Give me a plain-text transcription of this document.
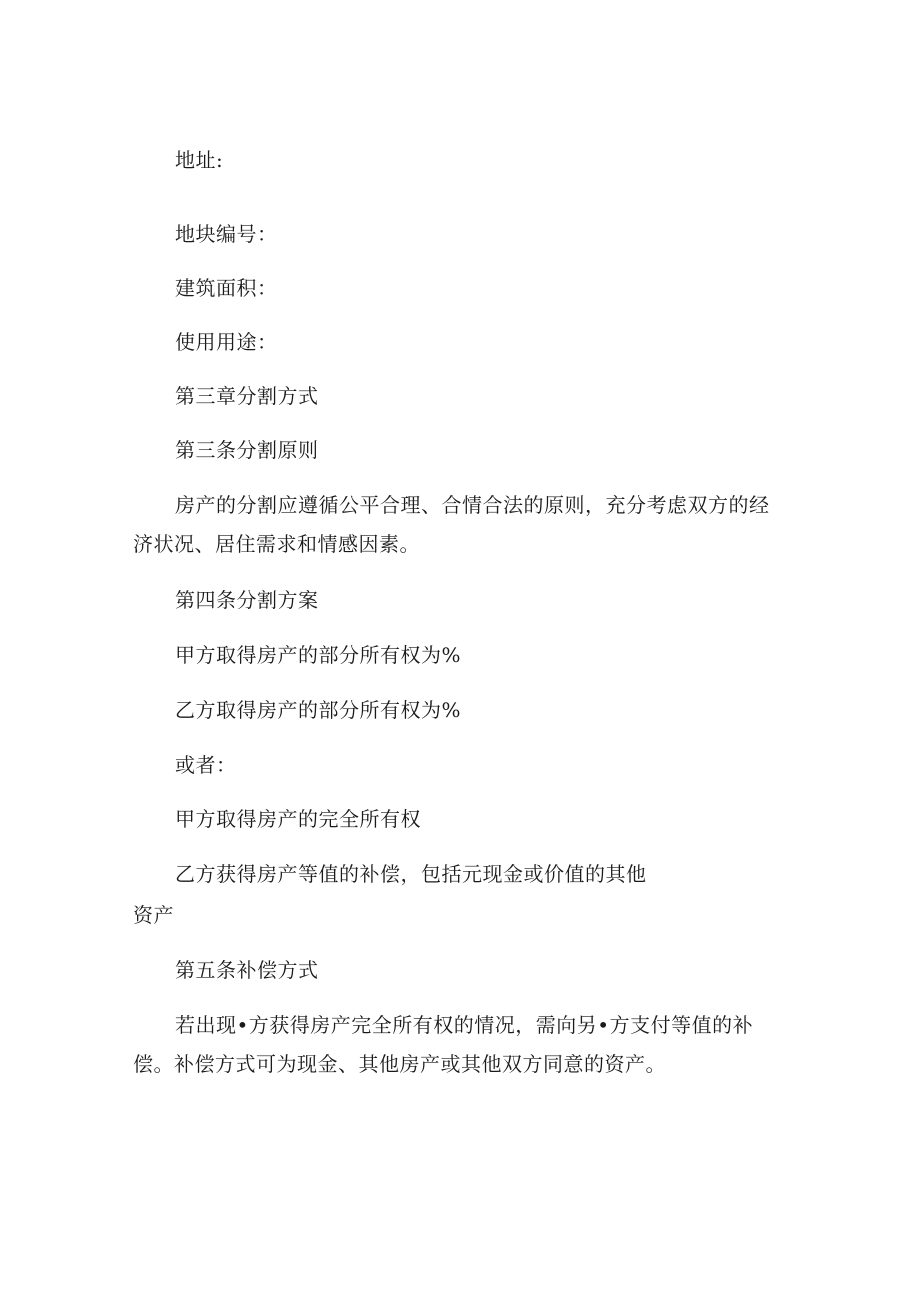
地址:
地块编号：
建筑面积：
使用用途：
第三章分割方式
第三条分割原则
房产的分割应遵循公平合理、合情合法的原则，充分考虑双方的经
济状况、居住需求和情感因素。
第四条分割方案
甲方取得房产的部分所有权为%
乙方取得房产的部分所有权为%
或者：
甲方取得房产的完全所有权
乙方获得房产等值的补偿，包括元现金或价值的其他
资产
第五条补偿方式
若出现•方获得房产完全所有权的情况，需向另•方支付等值的补
偿。补偿方式可为现金、其他房产或其他双方同意的资产。
